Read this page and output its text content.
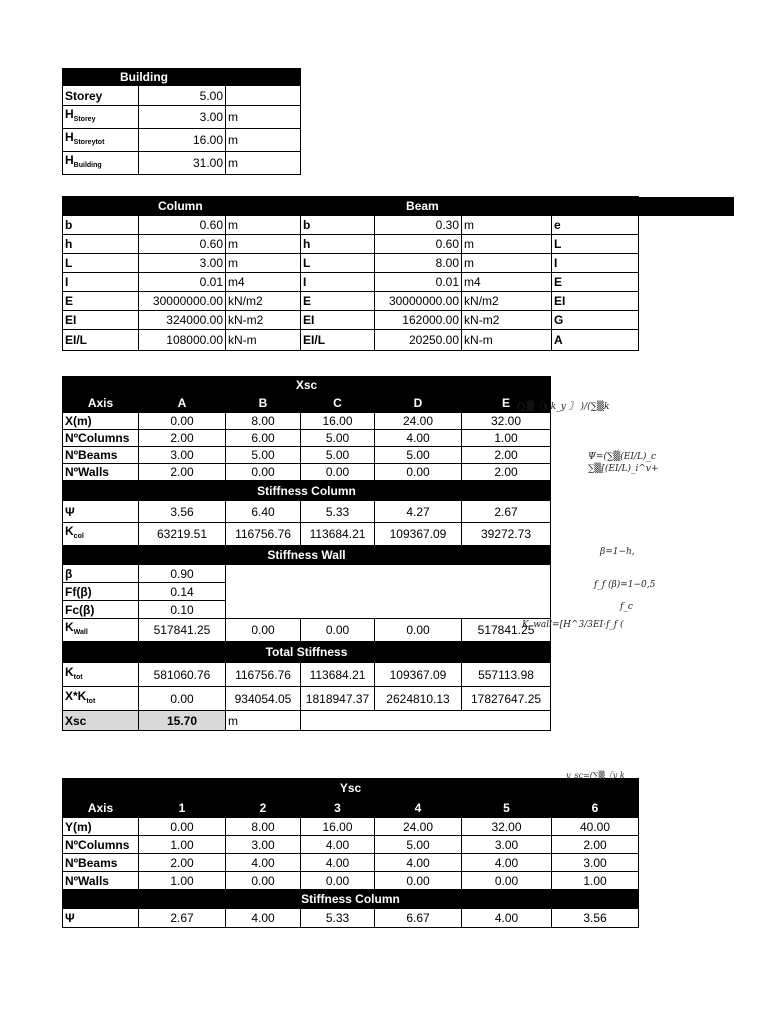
Building		
Storey	5.00	
$H_{Storey}$	3.00	m
$H_{Storeytot}$	16.00	m
$H_{Building}$	31.00	m
Column			Beam			
b	0.60	m	b	0.30	m	e
h	0.60	m	h	0.60	m	L
L	3.00	m	L	8.00	m	I
I	0.01	m4	I	0.01	m4	E
E	30000000.00	kN/m2	E	30000000.00	kN/m2	EI
EI	324000.00	kN-m2	EI	162000.00	kN-m2	G
EI/L	108000.00	kN-m	EI/L	20250.00	kN-m	A
Xsc					
Axis	A	B	C	D	E
X(m)	0.00	8.00	16.00	24.00	32.00
NºColumns	2.00	6.00	5.00	4.00	1.00
NºBeams	3.00	5.00	5.00	5.00	2.00
NºWalls	2.00	0.00	0.00	0.00	2.00
Stiffness Column					
Ψ	3.56	6.40	5.33	4.27	2.67
$K_{col}$	63219.51	116756.76	113684.21	109367.09	39272.73
Stiffness Wall					
β	0.90				
Ff(β)	0.14				
Fc(β)	0.10				
$K_{Wall}$	517841.25	0.00	0.00	0.00	517841.25
Total Stiffness					
$K_{tot}$	581060.76	116756.76	113684.21	109367.09	557113.98
$X*K_{tot}$	0.00	934054.05	1818947.37	2624810.13	17827647.25
Xsc	15.70	m			
Ysc						
Axis	1	2	3	4	5	6
Y(m)	0.00	8.00	16.00	24.00	32.00	40.00
NºColumns	1.00	3.00	4.00	5.00	3.00	2.00
NºBeams	2.00	4.00	4.00	4.00	4.00	3.00
NºWalls	1.00	0.00	0.00	0.00	0.00	1.00
Stiffness Column						
Ψ	2.67	4.00	5.33	6.67	4.00	3.56
(∑▒〖x k_y 〗 )/(∑▒k
Ψ=(∑▒(EI/L)_c
∑▒[(EI/L)_i^v+
β=1−h,
f_f (β)=1−0,5
f_c
K_wall=[H^3/3EI·f_f (
y_sc=(∑▒〖y k
